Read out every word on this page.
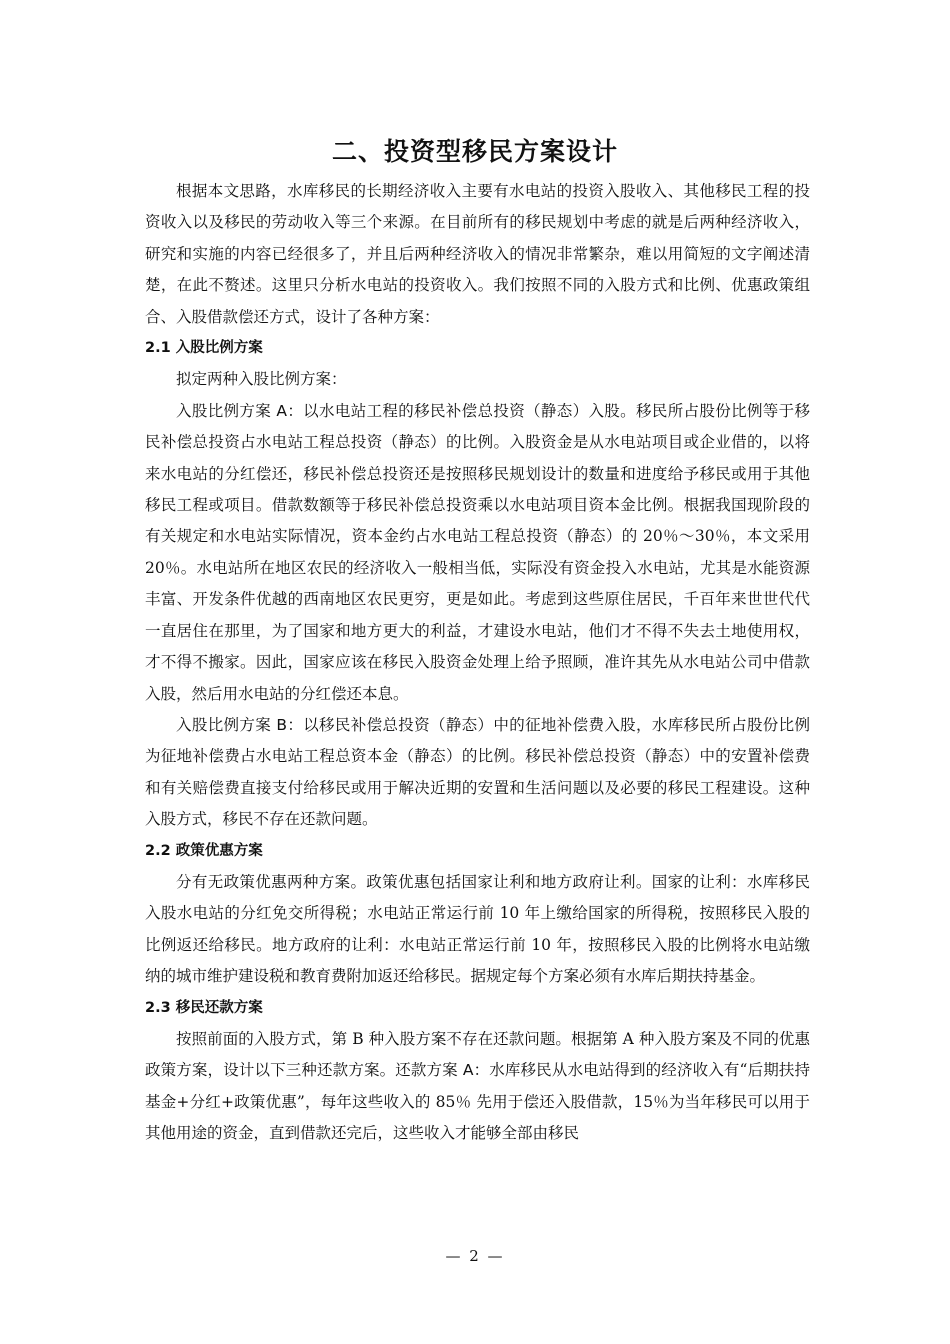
二、投资型移民方案设计

根据本文思路，水库移民的长期经济收入主要有水电站的投资入股收入、其他移民工程的投资收入以及移民的劳动收入等三个来源。在目前所有的移民规划中考虑的就是后两种经济收入，研究和实施的内容已经很多了，并且后两种经济收入的情况非常繁杂，难以用简短的文字阐述清楚，在此不赘述。这里只分析水电站的投资收入。我们按照不同的入股方式和比例、优惠政策组合、入股借款偿还方式，设计了各种方案：

2.1 入股比例方案

拟定两种入股比例方案：

入股比例方案 A：以水电站工程的移民补偿总投资（静态）入股。移民所占股份比例等于移民补偿总投资占水电站工程总投资（静态）的比例。入股资金是从水电站项目或企业借的，以将来水电站的分红偿还，移民补偿总投资还是按照移民规划设计的数量和进度给予移民或用于其他移民工程或项目。借款数额等于移民补偿总投资乘以水电站项目资本金比例。根据我国现阶段的有关规定和水电站实际情况，资本金约占水电站工程总投资（静态）的 20％～30％，本文采用 20％。水电站所在地区农民的经济收入一般相当低，实际没有资金投入水电站，尤其是水能资源丰富、开发条件优越的西南地区农民更穷，更是如此。考虑到这些原住居民，千百年来世世代代一直居住在那里，为了国家和地方更大的利益，才建设水电站，他们才不得不失去土地使用权，才不得不搬家。因此，国家应该在移民入股资金处理上给予照顾，准许其先从水电站公司中借款入股，然后用水电站的分红偿还本息。

入股比例方案 B：以移民补偿总投资（静态）中的征地补偿费入股，水库移民所占股份比例为征地补偿费占水电站工程总资本金（静态）的比例。移民补偿总投资（静态）中的安置补偿费和有关赔偿费直接支付给移民或用于解决近期的安置和生活问题以及必要的移民工程建设。这种入股方式，移民不存在还款问题。

2.2 政策优惠方案

分有无政策优惠两种方案。政策优惠包括国家让利和地方政府让利。国家的让利：水库移民入股水电站的分红免交所得税；水电站正常运行前 10 年上缴给国家的所得税，按照移民入股的比例返还给移民。地方政府的让利：水电站正常运行前 10 年，按照移民入股的比例将水电站缴纳的城市维护建设税和教育费附加返还给移民。据规定每个方案必须有水库后期扶持基金。

2.3 移民还款方案

按照前面的入股方式，第 B 种入股方案不存在还款问题。根据第 A 种入股方案及不同的优惠政策方案，设计以下三种还款方案。还款方案 A：水库移民从水电站得到的经济收入有“后期扶持基金+分红+政策优惠”，每年这些收入的 85％ 先用于偿还入股借款，15％为当年移民可以用于其他用途的资金，直到借款还完后，这些收入才能够全部由移民

— 2 —
